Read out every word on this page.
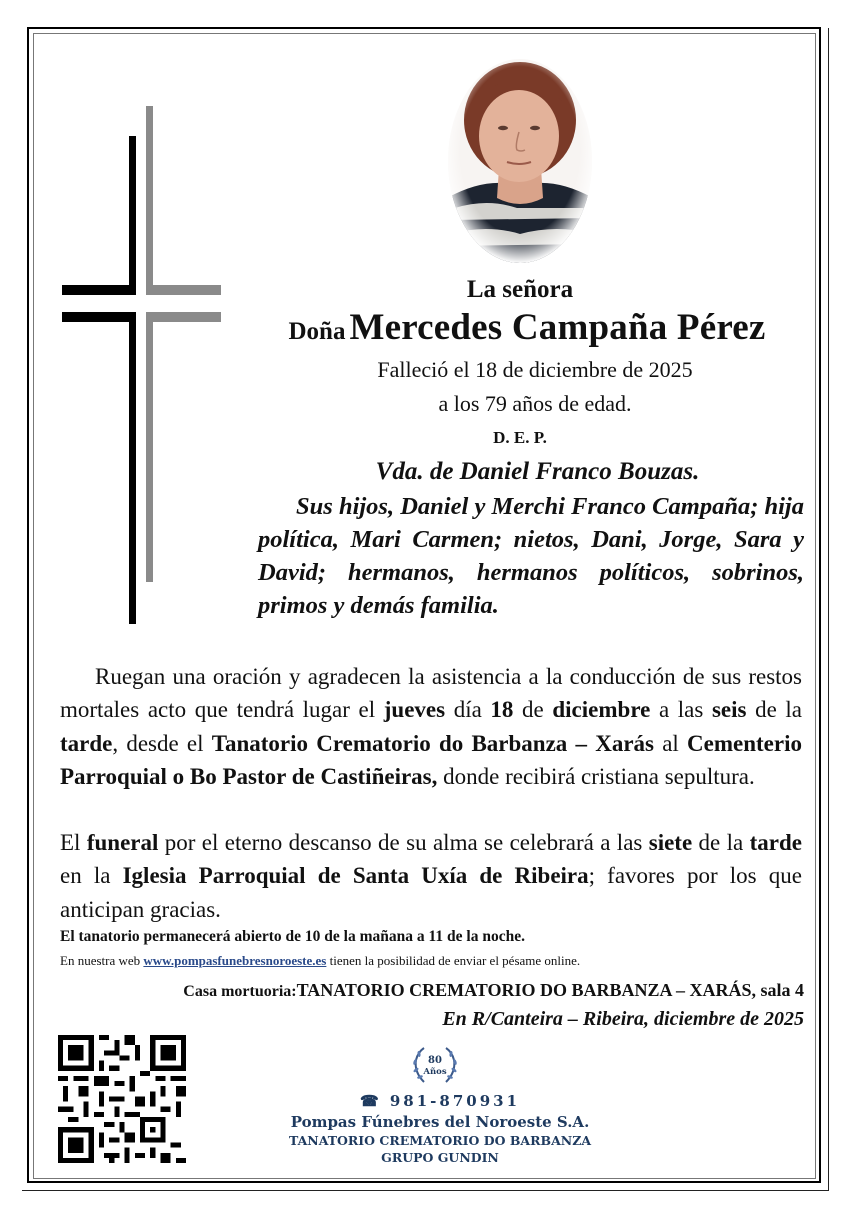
La señora
Doña Mercedes Campaña Pérez
Falleció el 18 de diciembre de 2025
a los 79 años de edad.
D. E. P.
Vda. de Daniel Franco Bouzas.
Sus hijos, Daniel y Merchi Franco Campaña; hija política, Mari Carmen; nietos, Dani, Jorge, Sara y David; hermanos, hermanos políticos, sobrinos, primos y demás familia.
Ruegan una oración y agradecen la asistencia a la conducción de sus restos mortales acto que tendrá lugar el jueves día 18 de diciembre a las seis de la tarde, desde el Tanatorio Crematorio do Barbanza – Xarás al Cementerio Parroquial o Bo Pastor de Castiñeiras, donde recibirá cristiana sepultura.
El funeral por el eterno descanso de su alma se celebrará a las siete de la tarde en la Iglesia Parroquial de Santa Uxía de Ribeira; favores por los que anticipan gracias.
El tanatorio permanecerá abierto de 10 de la mañana a 11 de la noche.
En nuestra web www.pompasfunebresnoroeste.es tienen la posibilidad de enviar el pésame online.
Casa mortuoria:TANATORIO CREMATORIO DO BARBANZA – XARÁS, sala 4
En R/Canteira – Ribeira, diciembre de 2025
80
Años
☎ 981-870931
Pompas Fúnebres del Noroeste S.A.
TANATORIO CREMATORIO DO BARBANZA
GRUPO GUNDIN
